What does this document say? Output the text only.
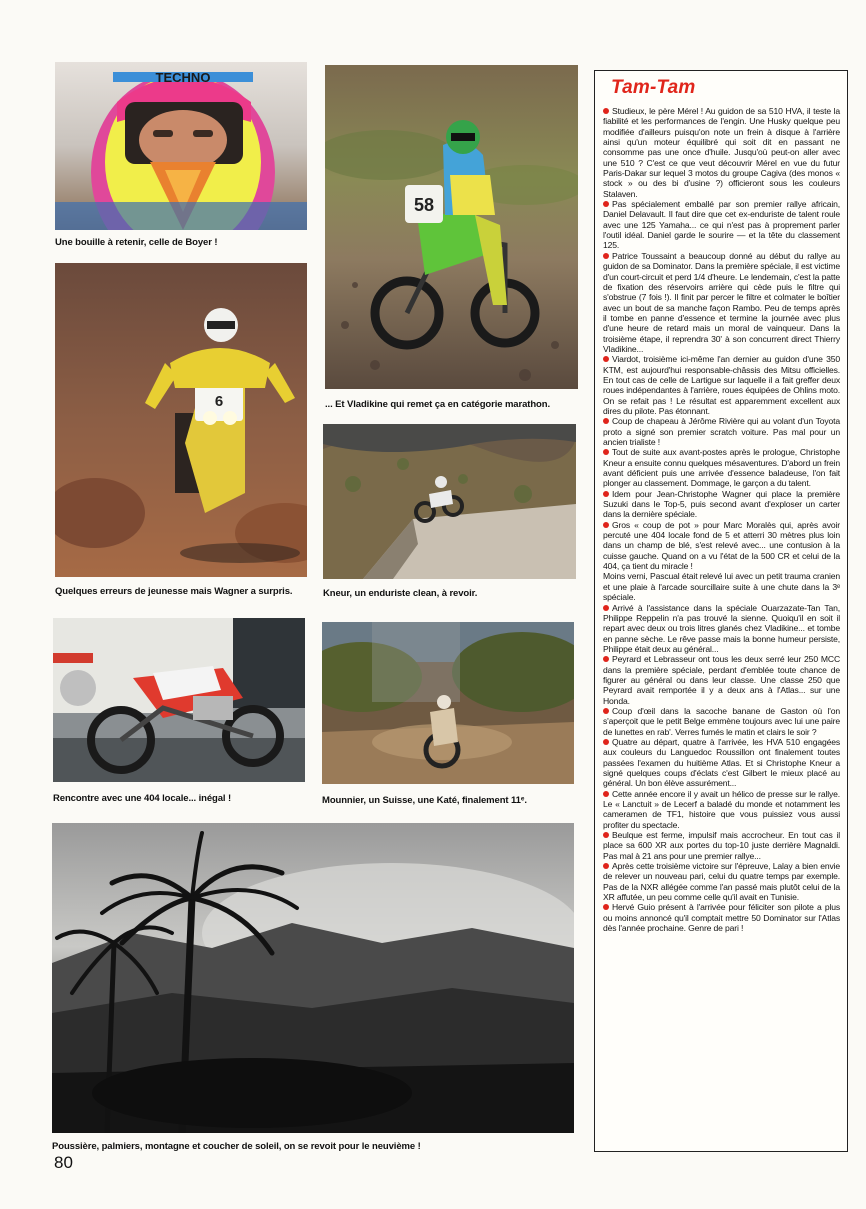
TECHNO
Une bouille à retenir, celle de Boyer !
58
... Et Vladikine qui remet ça en catégorie marathon.
6
Quelques erreurs de jeunesse mais Wagner a surpris.	Kneur, un enduriste clean, à revoir.
Rencontre avec une 404 locale... inégal !	Mounnier, un Suisse, une Katé, finalement 11ᵉ.
Poussière, palmiers, montagne et coucher de soleil, on se revoit pour le neuvième !
80
Tam-Tam

Studieux, le père Mérel ! Au guidon de sa 510 HVA, il teste la fiabilité et les performances de l'engin. Une Husky quelque peu modifiée d'ailleurs puisqu'on note un frein à disque à l'arrière ainsi qu'un moteur équilibré qui soit dit en passant ne consomme pas une once d'huile. Jusqu'où peut-on aller avec une 510 ? C'est ce que veut découvrir Mérel en vue du futur Paris-Dakar sur lequel 3 motos du groupe Cagiva (des monos « stock » ou des bi d'usine ?) officieront sous les couleurs Stalaven.

Pas spécialement emballé par son premier rallye africain, Daniel Delavault. Il faut dire que cet ex-enduriste de talent roule avec une 125 Yamaha... ce qui n'est pas à proprement parler l'outil idéal. Daniel garde le sourire — et la tête du classement 125.

Patrice Toussaint a beaucoup donné au début du rallye au guidon de sa Dominator. Dans la première spéciale, il est victime d'un court-circuit et perd 1/4 d'heure. Le lendemain, c'est la patte de fixation des réservoirs arrière qui cède puis le filtre qui s'obstrue (7 fois !). Il finit par percer le filtre et colmater le boîtier avec un bout de sa manche façon Rambo. Peu de temps après il tombe en panne d'essence et termine la journée avec plus d'une heure de retard mais un moral de vainqueur. Dans la troisième étape, il reprendra 30' à son concurrent direct Thierry Vladikine...

Viardot, troisième ici-même l'an dernier au guidon d'une 350 KTM, est aujourd'hui responsable-châssis des Mitsu officielles. En tout cas de celle de Lartigue sur laquelle il a fait greffer deux roues indépendantes à l'arrière, roues équipées de Ohlins moto. On se refait pas ! Le résultat est apparemment excellent aux dires du pilote. Pas étonnant.

Coup de chapeau à Jérôme Rivière qui au volant d'un Toyota proto a signé son premier scratch voiture. Pas mal pour un ancien trialiste !

Tout de suite aux avant-postes après le prologue, Christophe Kneur a ensuite connu quelques mésaventures. D'abord un frein avant déficient puis une arrivée d'essence baladeuse, l'on fait plonger au classement. Dommage, le garçon a du talent.

Idem pour Jean-Christophe Wagner qui place la première Suzuki dans le Top-5, puis second avant d'exploser un carter dans la dernière spéciale.

Gros « coup de pot » pour Marc Moralès qui, après avoir percuté une 404 locale fond de 5 et atterri 30 mètres plus loin dans un champ de blé, s'est relevé avec... une contusion à la cuisse gauche. Quand on a vu l'état de la 500 CR et celui de la 404, ça tient du miracle !
Moins verni, Pascual était relevé lui avec un petit trauma cranien et une plaie à l'arcade sourcillaire suite à une chute dans la 3ᵉ spéciale.

Arrivé à l'assistance dans la spéciale Ouarzazate-Tan Tan, Philippe Reppelin n'a pas trouvé la sienne. Quoiqu'il en soit il repart avec deux ou trois litres glanés chez Vladikine... et tombe en panne sèche. Le rêve passe mais la bonne humeur persiste, Philippe était deux au général...

Peyrard et Lebrasseur ont tous les deux serré leur 250 MCC dans la première spéciale, perdant d'emblée toute chance de figurer au général ou dans leur classe. Une classe 250 que Peyrard avait remportée il y a deux ans à l'Atlas... sur une Honda.

Coup d'œil dans la sacoche banane de Gaston où l'on s'aperçoit que le petit Belge emmène toujours avec lui une paire de lunettes en rab'. Verres fumés le matin et clairs le soir ?

Quatre au départ, quatre à l'arrivée, les HVA 510 engagées aux couleurs du Languedoc Roussillon ont finalement toutes passées l'examen du huitième Atlas. Et si Christophe Kneur a signé quelques coups d'éclats c'est Gilbert le mieux placé au général. Un bon élève assurément...

Cette année encore il y avait un hélico de presse sur le rallye. Le « Lanctuit » de Lecerf a baladé du monde et notamment les cameramen de TF1, histoire que vous puissiez vous aussi profiter du spectacle.

Beulque est ferme, impulsif mais accrocheur. En tout cas il place sa 600 XR aux portes du top-10 juste derrière Magnaldi. Pas mal à 21 ans pour une premier rallye...

Après cette troisième victoire sur l'épreuve, Lalay a bien envie de relever un nouveau pari, celui du quatre temps par exemple. Pas de la NXR allégée comme l'an passé mais plutôt celui de la XR affutée, un peu comme celle qu'il avait en Tunisie.

Hervé Guio présent à l'arrivée pour féliciter son pilote a plus ou moins annoncé qu'il comptait mettre 50 Dominator sur l'Atlas dès l'année prochaine. Genre de pari !
